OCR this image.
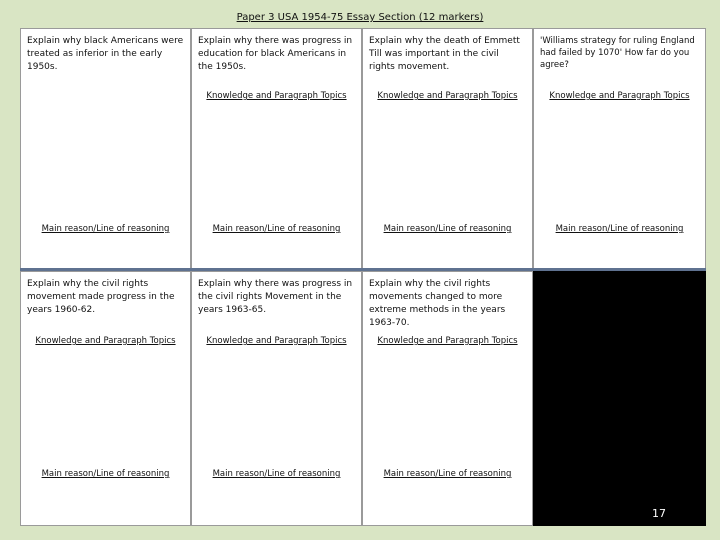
Paper 3 USA 1954-75 Essay Section (12 markers)
Explain why black Americans were treated as inferior in the early 1950s.
Main reason/Line of reasoning
Explain why there was progress in education for black Americans in the 1950s.
Knowledge and Paragraph Topics
Main reason/Line of reasoning
Explain why the death of Emmett Till was important in the civil rights movement.
Knowledge and Paragraph Topics
Main reason/Line of reasoning
'Williams strategy for ruling England had failed by 1070' How far do you agree?
Knowledge and Paragraph Topics
Main reason/Line of reasoning
Explain why the civil rights movement made progress in the years 1960-62.
Knowledge and Paragraph Topics
Main reason/Line of reasoning
Explain why there was progress in the civil rights Movement in the years 1963-65.
Knowledge and Paragraph Topics
Main reason/Line of reasoning
Explain why the civil rights movements changed to more extreme methods in the years 1963-70.
Knowledge and Paragraph Topics
Main reason/Line of reasoning
17
